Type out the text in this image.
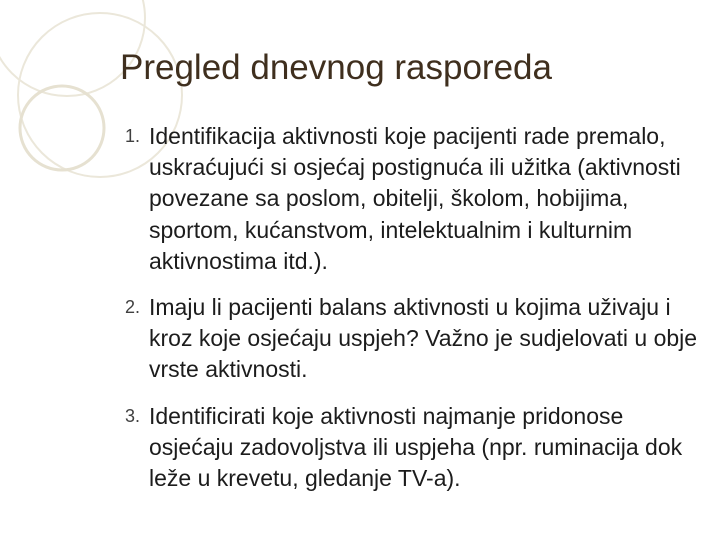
Pregled dnevnog rasporeda
1. Identifikacija aktivnosti koje pacijenti rade premalo, uskraćujući si osjećaj postignuća ili užitka (aktivnosti povezane sa poslom, obitelji, školom, hobijima, sportom, kućanstvom, intelektualnim i kulturnim aktivnostima itd.).
2. Imaju li pacijenti balans aktivnosti u kojima uživaju i kroz koje osjećaju uspjeh? Važno je sudjelovati u obje vrste aktivnosti.
3. Identificirati koje aktivnosti najmanje pridonose osjećaju zadovoljstva ili uspjeha (npr. ruminacija dok leže u krevetu, gledanje TV-a).
